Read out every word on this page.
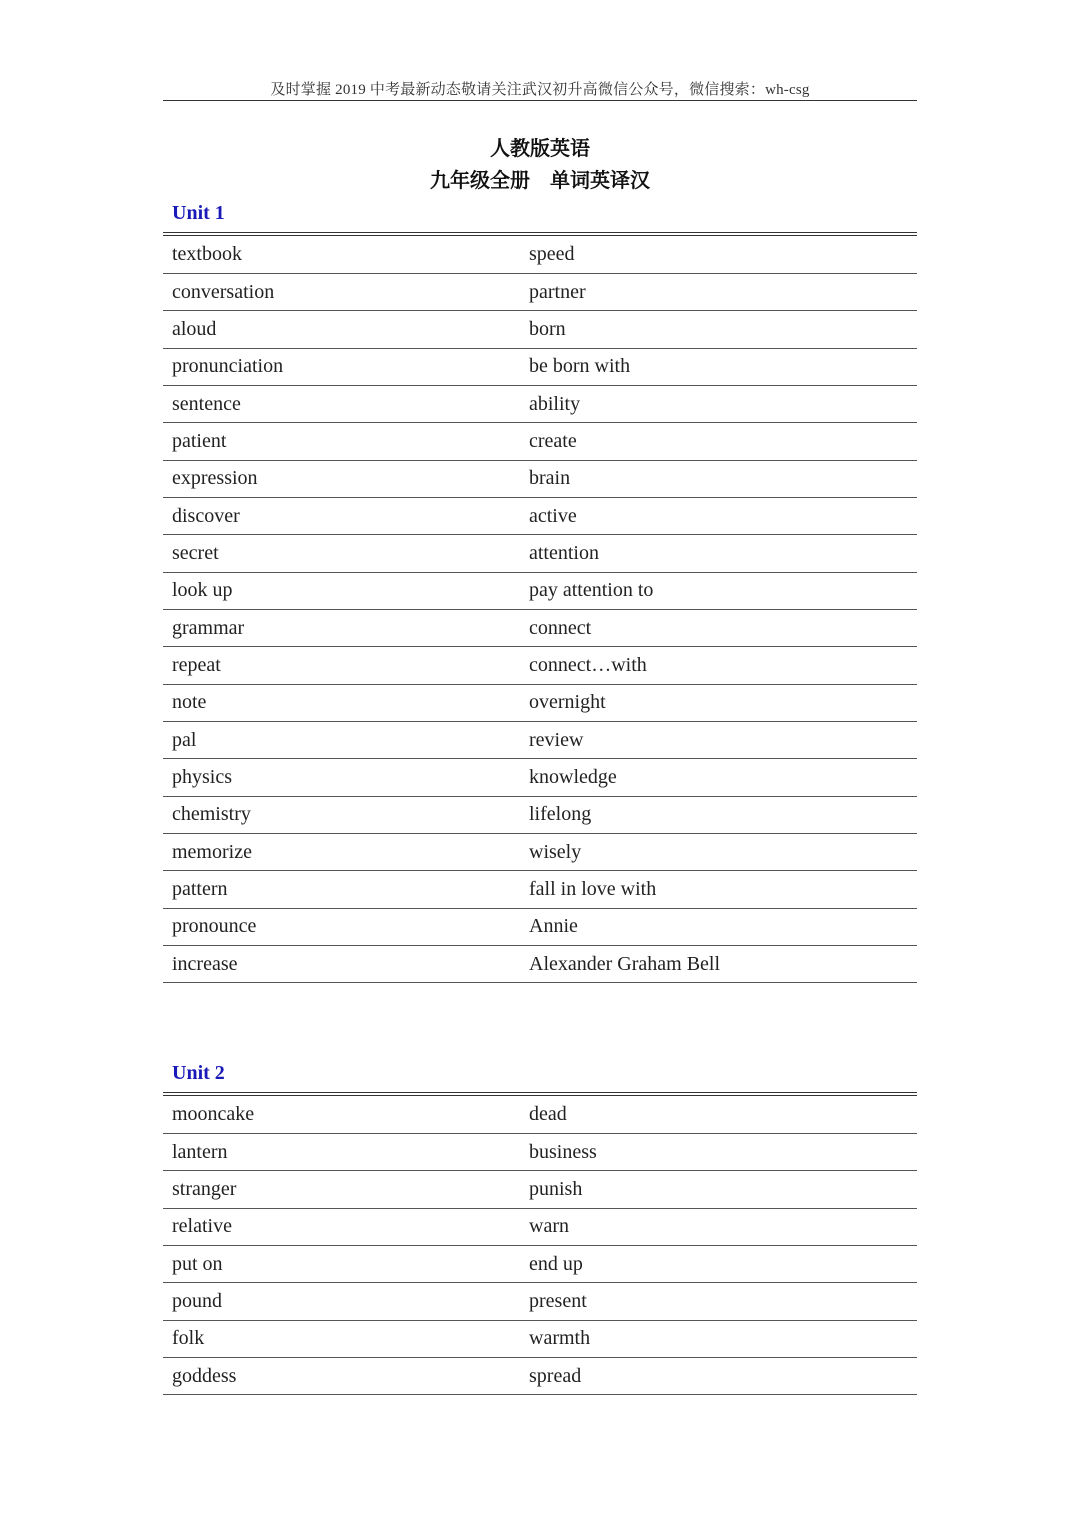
及时掌握 2019 中考最新动态敬请关注武汉初升高微信公众号，微信搜索：wh-csg
人教版英语
九年级全册　单词英译汉
Unit 1
textbook	speed
conversation	partner
aloud	born
pronunciation	be born with
sentence	ability
patient	create
expression	brain
discover	active
secret	attention
look up	pay attention to
grammar	connect
repeat	connect…with
note	overnight
pal	review
physics	knowledge
chemistry	lifelong
memorize	wisely
pattern	fall in love with
pronounce	Annie
increase	Alexander Graham Bell
Unit 2
mooncake	dead
lantern	business
stranger	punish
relative	warn
put on	end up
pound	present
folk	warmth
goddess	spread
